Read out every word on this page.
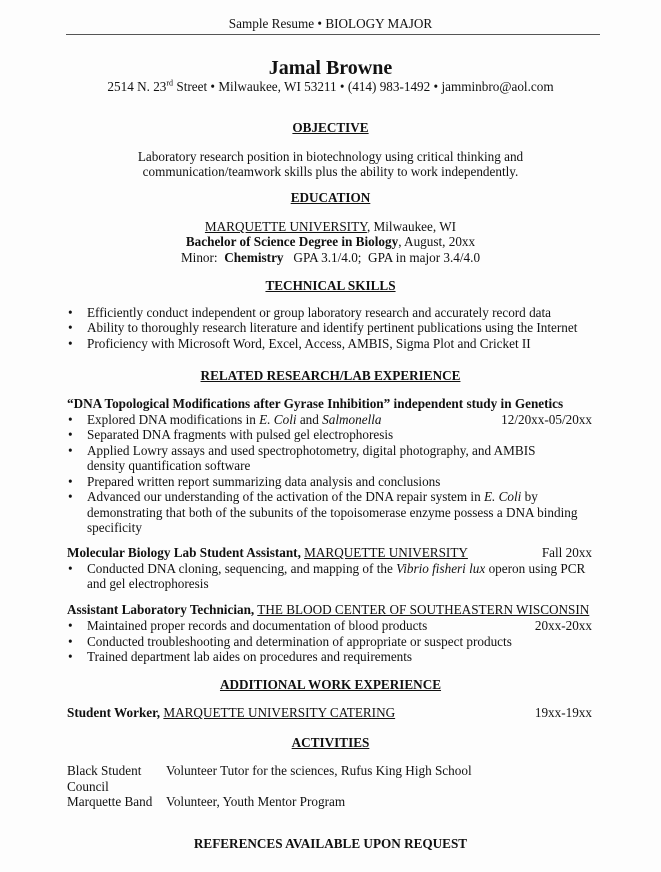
Sample Resume • BIOLOGY MAJOR
Jamal Browne
2514 N. 23rd Street • Milwaukee, WI 53211 • (414) 983-1492 • jamminbro@aol.com
OBJECTIVE
Laboratory research position in biotechnology using critical thinking and
communication/teamwork skills plus the ability to work independently.
EDUCATION
MARQUETTE UNIVERSITY, Milwaukee, WI
Bachelor of Science Degree in Biology, August, 20xx
Minor:  Chemistry   GPA 3.1/4.0;  GPA in major 3.4/4.0
TECHNICAL SKILLS
• Efficiently conduct independent or group laboratory research and accurately record data
• Ability to thoroughly research literature and identify pertinent publications using the Internet
• Proficiency with Microsoft Word, Excel, Access, AMBIS, Sigma Plot and Cricket II
RELATED RESEARCH/LAB EXPERIENCE
“DNA Topological Modifications after Gyrase Inhibition” independent study in Genetics
• 12/20xx-05/20xx
Explored DNA modifications in E. Coli and Salmonella
• Separated DNA fragments with pulsed gel electrophoresis
• Applied Lowry assays and used spectrophotometry, digital photography, and AMBIS density quantification software
• Prepared written report summarizing data analysis and conclusions
• Advanced our understanding of the activation of the DNA repair system in E. Coli by demonstrating that both of the subunits of the topoisomerase enzyme possess a DNA binding specificity
Fall 20xx
Molecular Biology Lab Student Assistant, MARQUETTE UNIVERSITY
• Conducted DNA cloning, sequencing, and mapping of the Vibrio fisheri lux operon using PCR and gel electrophoresis
Assistant Laboratory Technician, THE BLOOD CENTER OF SOUTHEASTERN WISCONSIN
• 20xx-20xx
Maintained proper records and documentation of blood products
• Conducted troubleshooting and determination of appropriate or suspect products
• Trained department lab aides on procedures and requirements
ADDITIONAL WORK EXPERIENCE
19xx-19xx
Student Worker, MARQUETTE UNIVERSITY CATERING
ACTIVITIES
Black Student CouncilVolunteer Tutor for the sciences, Rufus King High School
Marquette Band Volunteer, Youth Mentor Program
REFERENCES AVAILABLE UPON REQUEST
